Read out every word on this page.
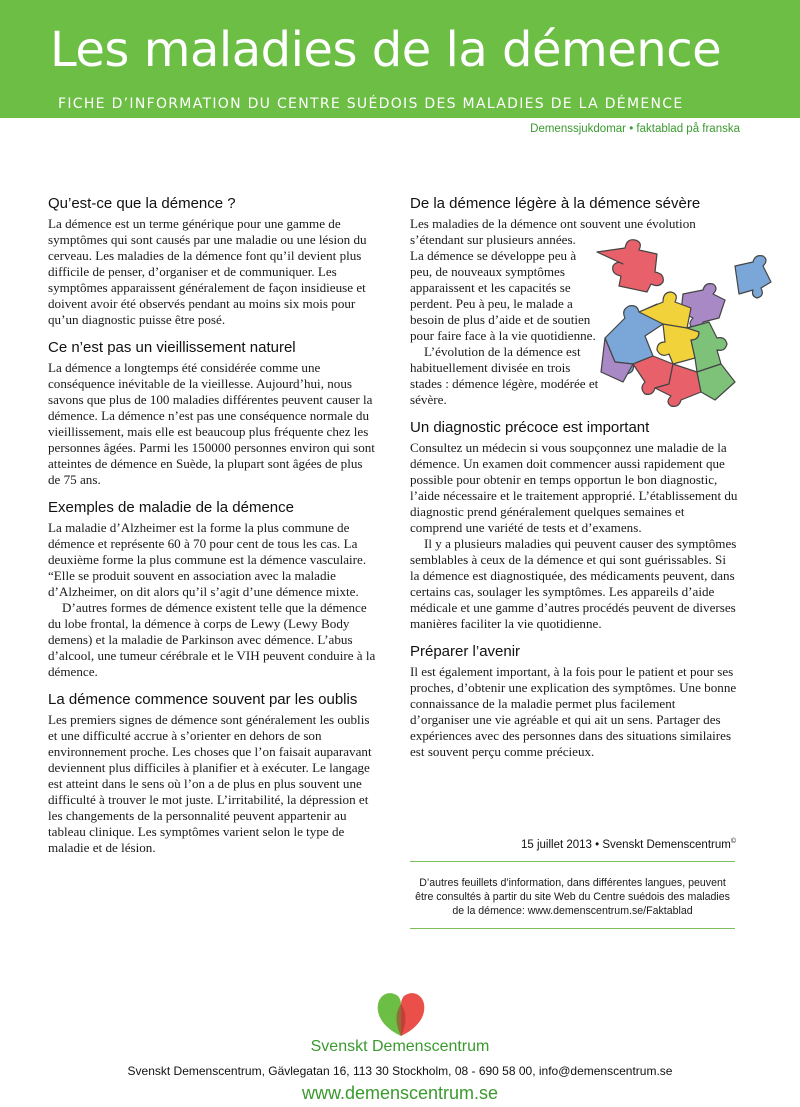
Les maladies de la démence
FICHE D’INFORMATION DU CENTRE SUÉDOIS DES MALADIES DE LA DÉMENCE
Demenssjukdomar • faktablad på franska
Qu’est-ce que la démence ?

La démence est un terme générique pour une gamme de symptômes qui sont causés par une maladie ou une lésion du cerveau. Les maladies de la démence font qu’il devient plus difficile de penser, d’organiser et de communiquer. Les symptômes apparaissent généralement de façon insidieuse et doivent avoir été observés pendant au moins six mois pour qu’un diagnostic puisse être posé.

Ce n’est pas un vieillissement naturel

La démence a longtemps été considérée comme une conséquence inévitable de la vieillesse. Aujourd’hui, nous savons que plus de 100 maladies différentes peuvent causer la démence. La démence n’est pas une conséquence normale du vieillissement, mais elle est beaucoup plus fréquente chez les personnes âgées. Parmi les 150000 personnes environ qui sont atteintes de démence en Suède, la plupart sont âgées de plus de 75 ans.

Exemples de maladie de la démence

La maladie d’Alzheimer est la forme la plus commune de démence et représente 60 à 70 pour cent de tous les cas. La deuxième forme la plus commune est la démence vasculaire. “Elle se produit souvent en association avec la maladie d’Alzheimer, on dit alors qu’il s’agit d’une démence mixte.

D’autres formes de démence existent telle que la démence du lobe frontal, la démence à corps de Lewy (Lewy Body demens) et la maladie de Parkinson avec démence. L’abus d’alcool, une tumeur cérébrale et le VIH peuvent conduire à la démence.

La démence commence souvent par les oublis

Les premiers signes de démence sont généralement les oublis et une difficulté accrue à s’orienter en dehors de son environnement proche. Les choses que l’on faisait auparavant deviennent plus difficiles à planifier et à exécuter. Le langage est atteint dans le sens où l’on a de plus en plus souvent une difficulté à trouver le mot juste. L’irritabilité, la dépression et les changements de la personnalité peuvent appartenir au tableau clinique. Les symptômes varient selon le type de maladie et de lésion.

De la démence légère à la démence sévère

Les maladies de la démence ont souvent une évolution s’étendant sur plusieurs années.

La démence se développe peu à peu, de nouveaux symptômes apparaissent et les capacités se perdent. Peu à peu, le malade a besoin de plus d’aide et de soutien pour faire face à la vie quotidienne.

L’évolution de la démence est habituellement divisée en trois stades : démence légère, modérée et sévère.

Un diagnostic précoce est important

Consultez un médecin si vous soupçonnez une maladie de la démence. Un examen doit commencer aussi rapidement que possible pour obtenir en temps opportun le bon diagnostic, l’aide nécessaire et le traitement approprié. L’établissement du diagnostic prend généralement quelques semaines et comprend une variété de tests et d’examens.

Il y a plusieurs maladies qui peuvent causer des symptômes semblables à ceux de la démence et qui sont guérissables. Si la démence est diagnostiquée, des médicaments peuvent, dans certains cas, soulager les symptômes. Les appareils d’aide médicale et une gamme d’autres procédés peuvent de diverses manières faciliter la vie quotidienne.

Préparer l’avenir

Il est également important, à la fois pour le patient et pour ses proches, d’obtenir une explication des symptômes. Une bonne connaissance de la maladie permet plus facilement d’organiser une vie agréable et qui ait un sens. Partager des expériences avec des personnes dans des situations similaires est souvent perçu comme précieux.

15 juillet 2013 • Svenskt Demenscentrum©

D’autres feuillets d’information, dans différentes langues, peuvent être consultés à partir du site Web du Centre suédois des maladies de la démence: www.demenscentrum.se/Faktablad

Svenskt Demenscentrum
Svenskt Demenscentrum, Gävlegatan 16, 113 30 Stockholm, 08 - 690 58 00, info@demenscentrum.se
www.demenscentrum.se
